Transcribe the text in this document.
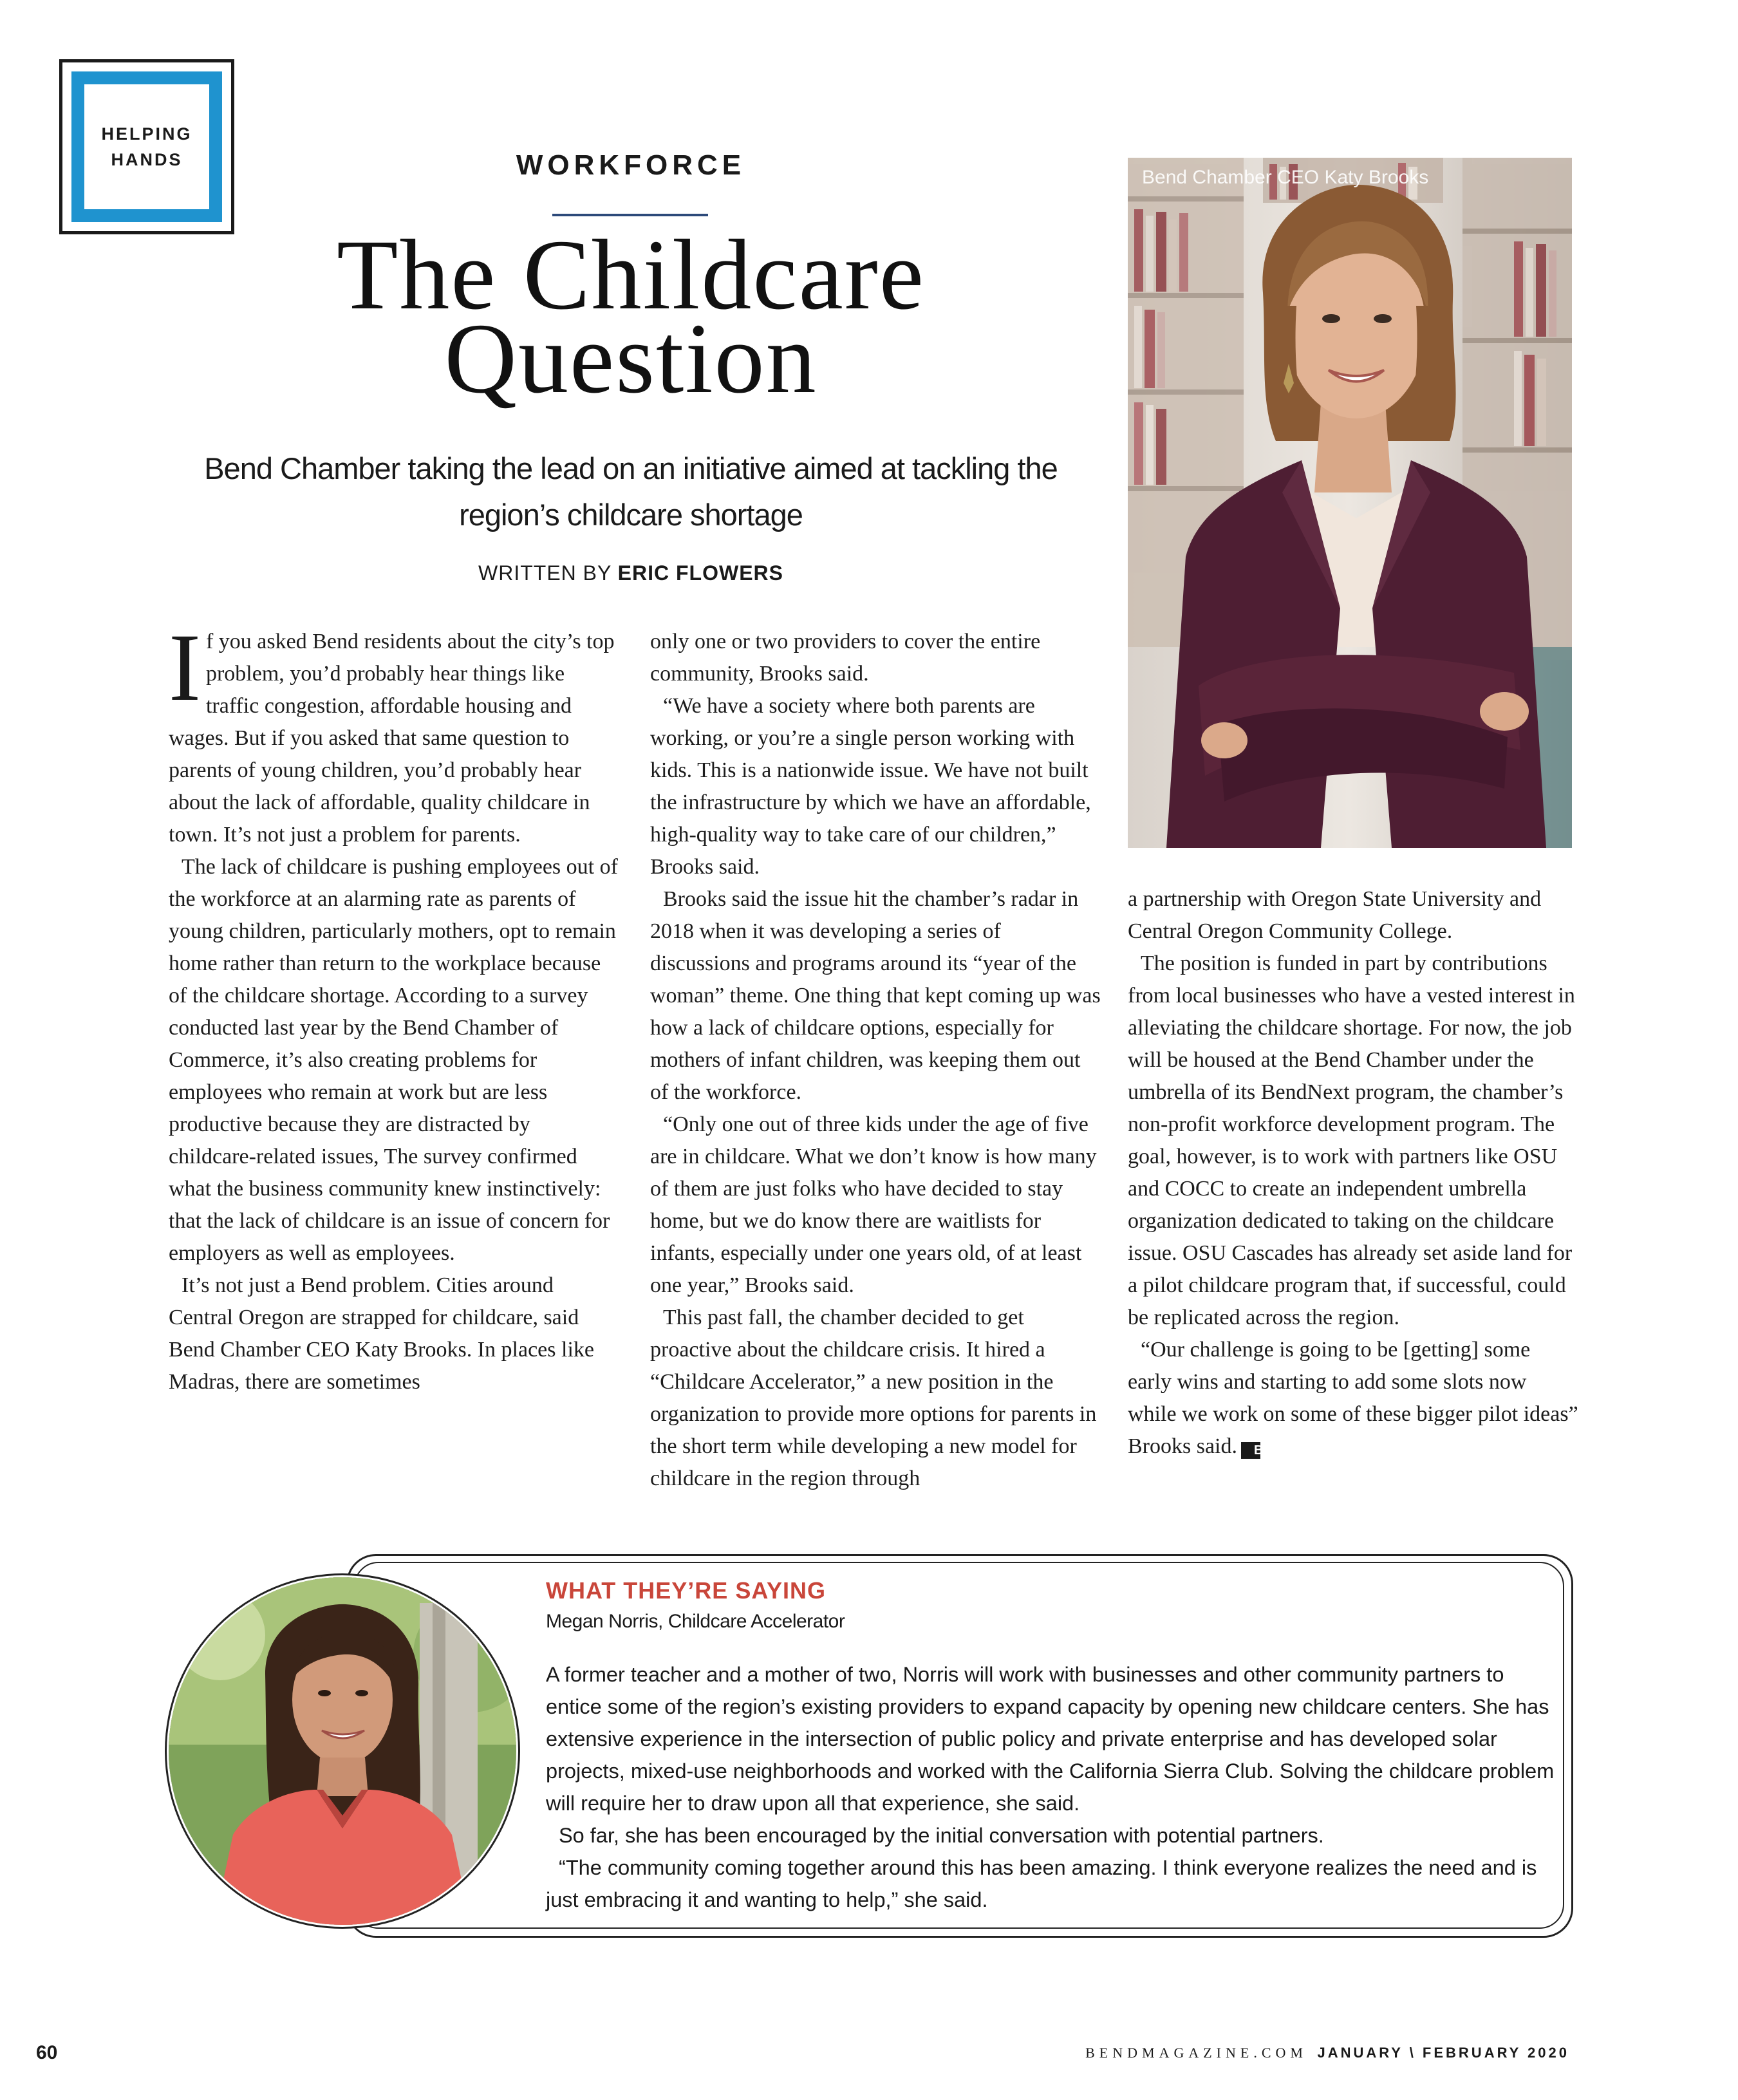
HELPING HANDS	WORKFORCE
The Childcare
Question
Bend Chamber taking the lead on an initiative aimed at tackling the region’s childcare shortage
WRITTEN BY ERIC FLOWERS
Bend Chamber CEO Katy Brooks

If you asked Bend residents about the city’s top problem, you’d probably hear things like traffic congestion, affordable housing and wages. But if you asked that same question to parents of young children, you’d probably hear about the lack of affordable, quality childcare in town. It’s not just a problem for parents.

The lack of childcare is pushing employees out of the workforce at an alarming rate as parents of young children, particularly mothers, opt to remain home rather than return to the workplace because of the childcare shortage. According to a survey conducted last year by the Bend Chamber of Commerce, it’s also creating problems for employees who remain at work but are less productive because they are distracted by childcare-related issues, The survey confirmed what the business community knew instinctively: that the lack of childcare is an issue of concern for employers as well as employees.

It’s not just a Bend problem. Cities around Central Oregon are strapped for childcare, said Bend Chamber CEO Katy Brooks. In places like Madras, there are sometimes

only one or two providers to cover the entire community, Brooks said.

“We have a society where both parents are working, or you’re a single person working with kids. This is a nationwide issue. We have not built the infrastructure by which we have an affordable, high-quality way to take care of our children,” Brooks said.

Brooks said the issue hit the chamber’s radar in 2018 when it was developing a series of discussions and programs around its “year of the woman” theme. One thing that kept coming up was how a lack of childcare options, especially for mothers of infant children, was keeping them out of the workforce.

“Only one out of three kids under the age of five are in childcare. What we don’t know is how many of them are just folks who have decided to stay home, but we do know there are waitlists for infants, especially under one years old, of at least one year,” Brooks said.

This past fall, the chamber decided to get proactive about the childcare crisis. It hired a “Childcare Accelerator,” a new position in the organization to provide more options for parents in the short term while developing a new model for childcare in the region through

a partnership with Oregon State University and Central Oregon Community College.

The position is funded in part by contributions from local businesses who have a vested interest in alleviating the childcare shortage. For now, the job will be housed at the Bend Chamber under the umbrella of its BendNext program, the chamber’s non-profit workforce development program. The goal, however, is to work with partners like OSU and COCC to create an independent umbrella organization dedicated to taking on the childcare issue. OSU Cascades has already set aside land for a pilot childcare program that, if successful, could be replicated across the region.

“Our challenge is going to be [getting] some early wins and starting to add some slots now while we work on some of these bigger pilot ideas” Brooks said. B

WHAT THEY’RE SAYING
Megan Norris, Childcare Accelerator

A former teacher and a mother of two, Norris will work with businesses and other community partners to entice some of the region’s existing providers to expand capacity by opening new childcare centers. She has extensive experience in the intersection of public policy and private enterprise and has developed solar projects, mixed-use neighborhoods and worked with the California Sierra Club. Solving the childcare problem will require her to draw upon all that experience, she said.

So far, she has been encouraged by the initial conversation with potential partners.

“The community coming together around this has been amazing. I think everyone realizes the need and is just embracing it and wanting to help,” she said.

60	BENDMAGAZINE.COM JANUARY \ FEBRUARY 2020
